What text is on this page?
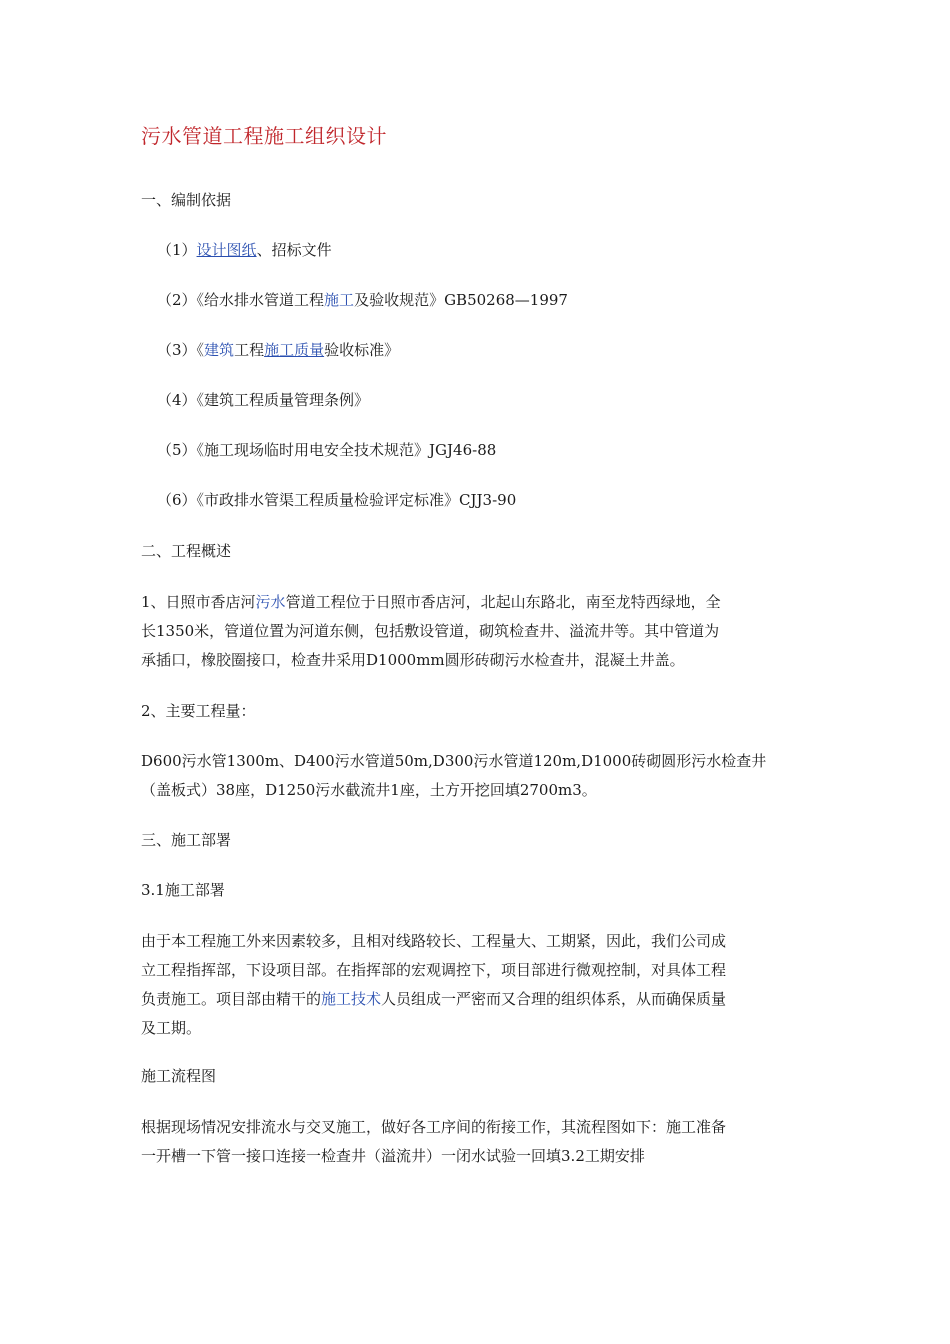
污水管道工程施工组织设计
一、编制依据
（1）设计图纸、招标文件
（2）《给水排水管道工程施工及验收规范》GB50268—1997
（3）《建筑工程施工质量验收标准》
（4）《建筑工程质量管理条例》
（5）《施工现场临时用电安全技术规范》JGJ46-88
（6）《市政排水管渠工程质量检验评定标准》CJJ3-90
二、工程概述
1、日照市香店河污水管道工程位于日照市香店河，北起山东路北，南至龙特西绿地，全
长1350米，管道位置为河道东侧，包括敷设管道，砌筑检查井、溢流井等。其中管道为
承插口，橡胶圈接口，检查井采用D1000mm圆形砖砌污水检查井，混凝土井盖。
2、主要工程量：
D600污水管1300m、D400污水管道50m,D300污水管道120m,D1000砖砌圆形污水检查井
（盖板式）38座，D1250污水截流井1座，土方开挖回填2700m3。
三、施工部署
3.1施工部署
由于本工程施工外来因素较多，且相对线路较长、工程量大、工期紧，因此，我们公司成
立工程指挥部，下设项目部。在指挥部的宏观调控下，项目部进行微观控制，对具体工程
负责施工。项目部由精干的施工技术人员组成一严密而又合理的组织体系，从而确保质量
及工期。
施工流程图
根据现场情况安排流水与交叉施工，做好各工序间的衔接工作，其流程图如下：施工准备
一开槽一下管一接口连接一检查井（溢流井）一闭水试验一回填3.2工期安排
